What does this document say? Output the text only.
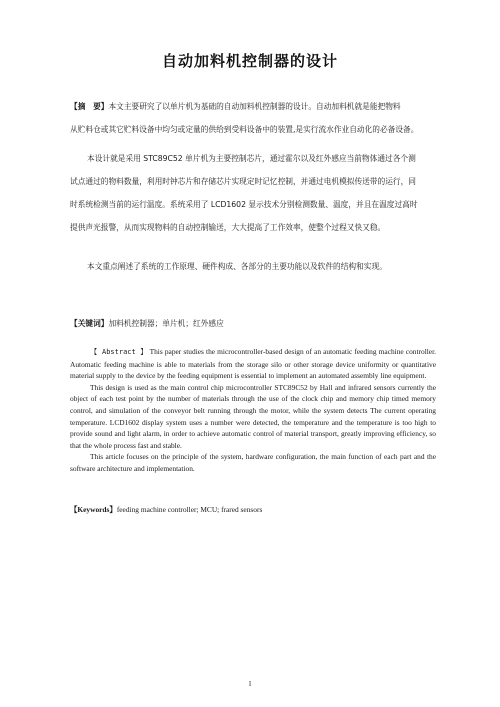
自动加料机控制器的设计

【摘　要】本文主要研究了以单片机为基础的自动加料机控制器的设计。自动加料机就是能把物料
从贮料仓或其它贮料设备中均匀或定量的供给到受料设备中的装置,是实行流水作业自动化的必备设备。

本设计就是采用 STC89C52 单片机为主要控制芯片，通过霍尔以及红外感应当前物体通过各个测
试点通过的物料数量，利用时钟芯片和存储芯片实现定时记忆控制，并通过电机模拟传送带的运行，同
时系统检测当前的运行温度。系统采用了 LCD1602 显示技术分别检测数量、温度，并且在温度过高时
提供声光报警，从而实现物料的自动控制输送，大大提高了工作效率，使整个过程又快又稳。

本文重点阐述了系统的工作原理、硬件构成、各部分的主要功能以及软件的结构和实现。

【关键词】加料机控制器；单片机；红外感应

【 Abstract 】 This paper studies the microcontroller-based design of an automatic feeding machine controller. Automatic feeding machine is able to materials from the storage silo or other storage device uniformity or quantitative material supply to the device by the feeding equipment is essential to implement an automated assembly line equipment.

This design is used as the main control chip microcontroller STC89C52 by Hall and infrared sensors currently the object of each test point by the number of materials through the use of the clock chip and memory chip timed memory control, and simulation of the conveyor belt running through the motor, while the system detects The current operating temperature. LCD1602 display system uses a number were detected, the temperature and the temperature is too high to provide sound and light alarm, in order to achieve automatic control of material transport, greatly improving efficiency, so that the whole process fast and stable.

This article focuses on the principle of the system, hardware configuration, the main function of each part and the software architecture and implementation.

【Keywords】feeding machine controller; MCU; frared sensors

I
